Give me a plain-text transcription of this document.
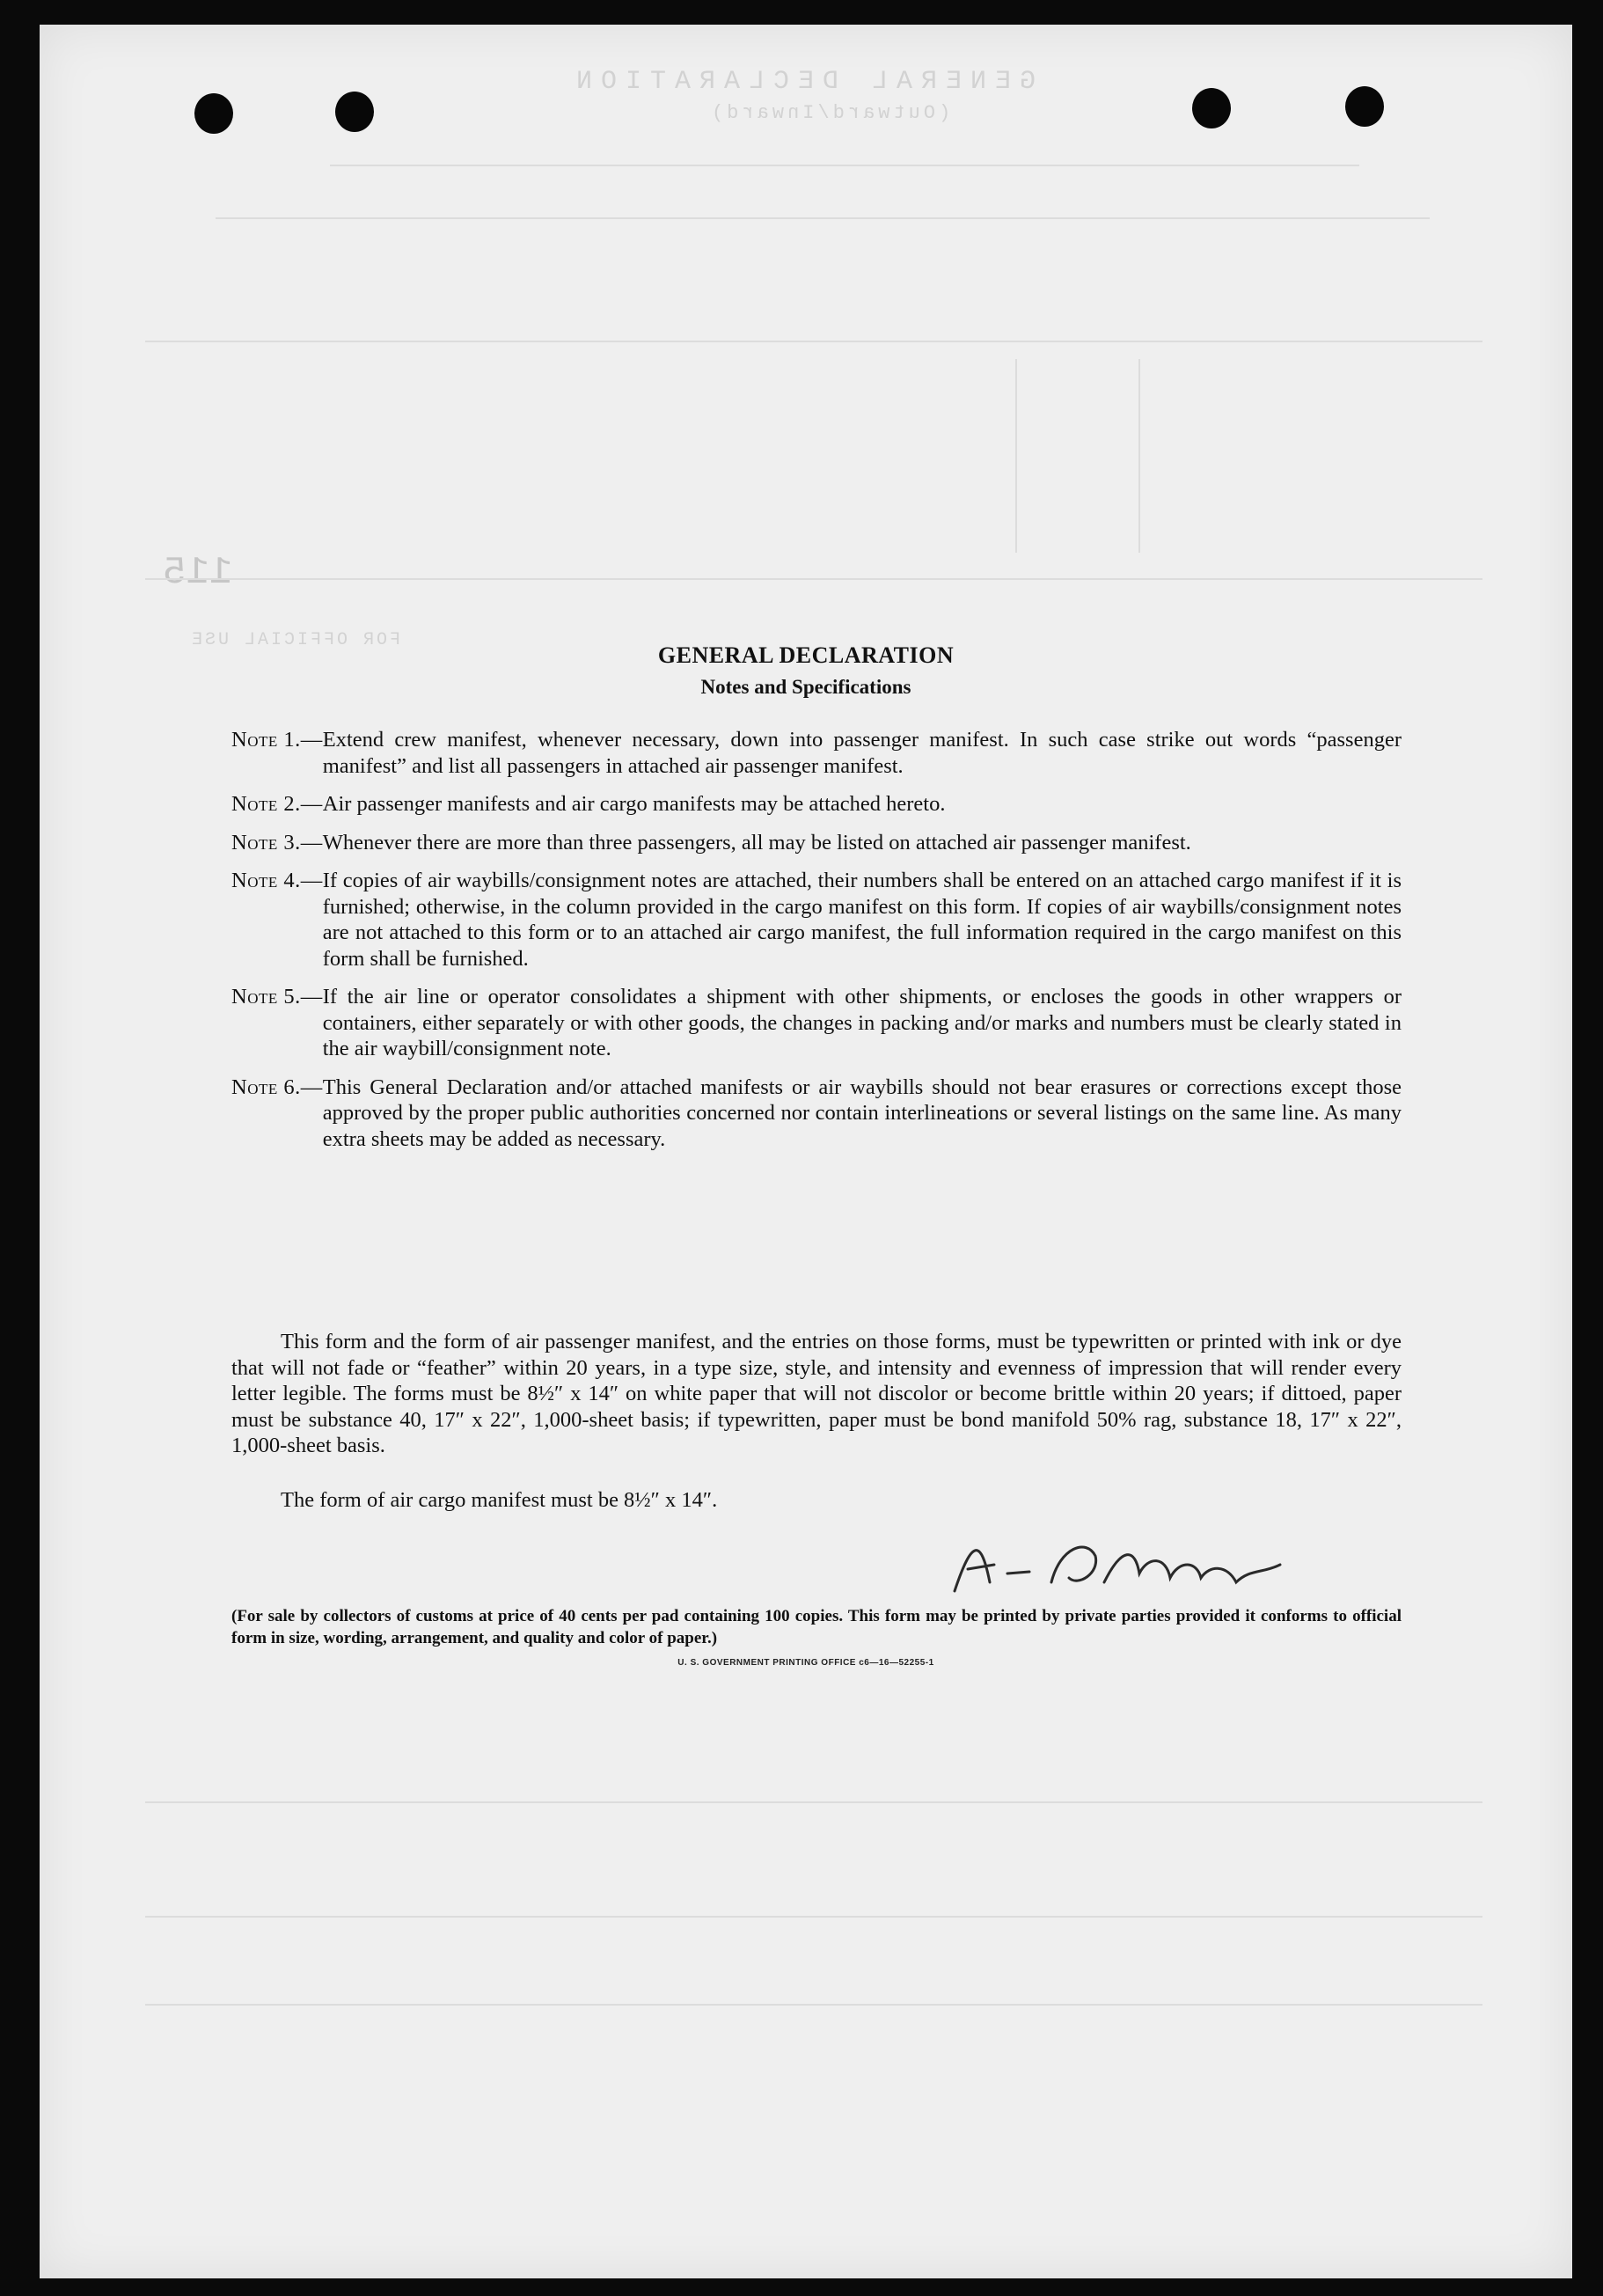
GENERAL DECLARATION
(Outward/Inward)
115
FOR OFFICIAL USE
GENERAL DECLARATION
Notes and Specifications
Note 1.— Extend crew manifest, whenever necessary, down into passenger manifest. In such case strike out words “passenger manifest” and list all passengers in attached air passenger manifest.
Note 2.— Air passenger manifests and air cargo manifests may be attached hereto.
Note 3.— Whenever there are more than three passengers, all may be listed on attached air passenger manifest.
Note 4.— If copies of air waybills/consignment notes are attached, their numbers shall be entered on an attached cargo manifest if it is furnished; otherwise, in the column provided in the cargo manifest on this form. If copies of air waybills/consignment notes are not attached to this form or to an attached air cargo manifest, the full information required in the cargo manifest on this form shall be furnished.
Note 5.— If the air line or operator consolidates a shipment with other shipments, or encloses the goods in other wrappers or containers, either separately or with other goods, the changes in packing and/or marks and numbers must be clearly stated in the air waybill/consignment note.
Note 6.— This General Declaration and/or attached manifests or air waybills should not bear erasures or corrections except those approved by the proper public authorities concerned nor contain interlineations or several listings on the same line. As many extra sheets may be added as necessary.
This form and the form of air passenger manifest, and the entries on those forms, must be typewritten or printed with ink or dye that will not fade or “feather” within 20 years, in a type size, style, and intensity and evenness of impression that will render every letter legible. The forms must be 8½″ x 14″ on white paper that will not discolor or become brittle within 20 years; if dittoed, paper must be substance 40, 17″ x 22″, 1,000-sheet basis; if typewritten, paper must be bond manifold 50% rag, substance 18, 17″ x 22″, 1,000-sheet basis.
The form of air cargo manifest must be 8½″ x 14″.
(For sale by collectors of customs at price of 40 cents per pad containing 100 copies. This form may be printed by private parties provided it conforms to official form in size, wording, arrangement, and quality and color of paper.)
U. S. GOVERNMENT PRINTING OFFICE c6—16—52255-1
